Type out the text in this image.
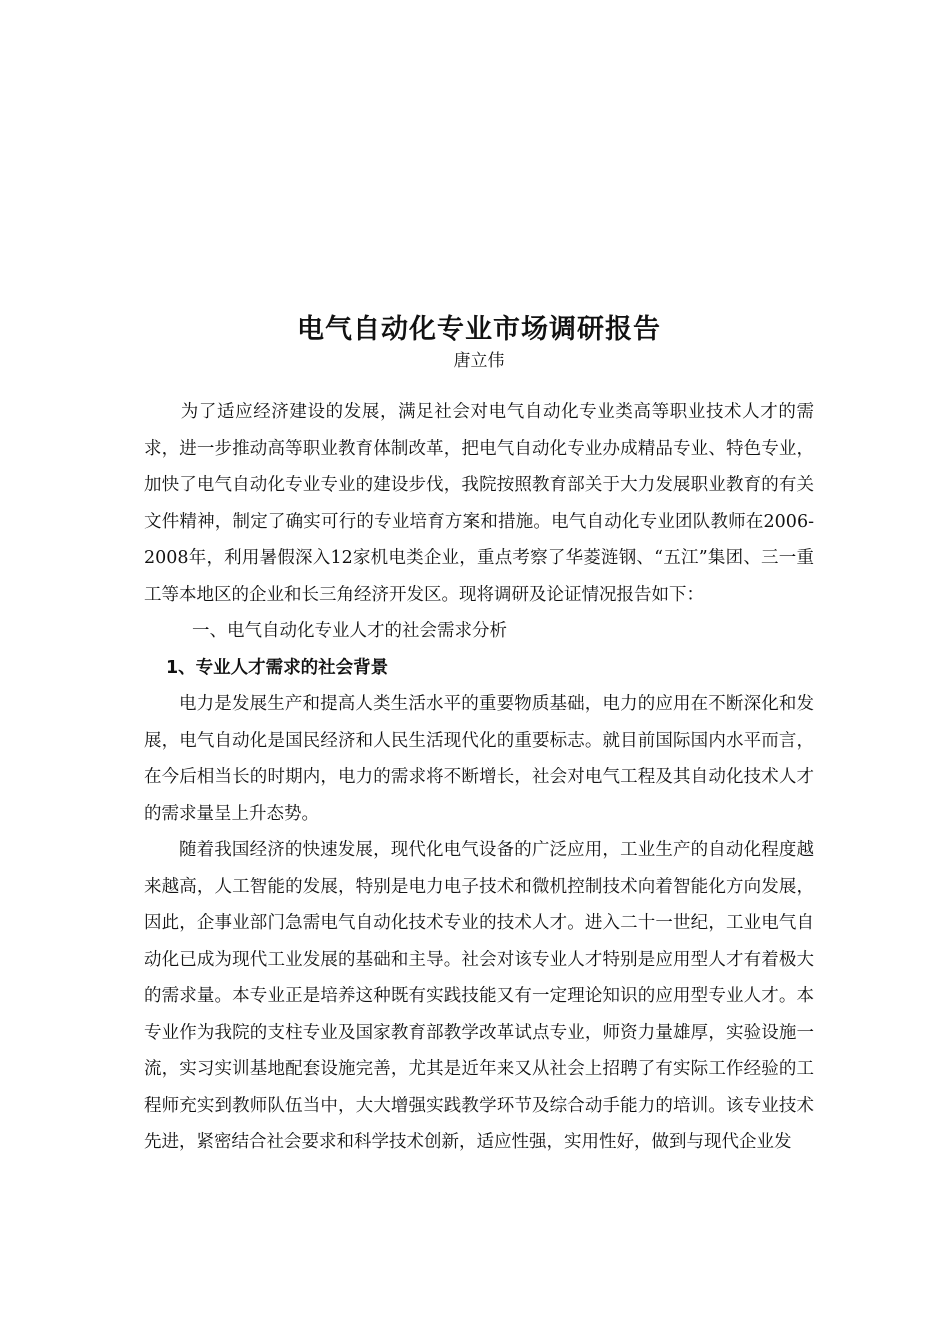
电气自动化专业市场调研报告

唐立伟

为了适应经济建设的发展，满足社会对电气自动化专业类高等职业技术人才的需求，进一步推动高等职业教育体制改革，把电气自动化专业办成精品专业、特色专业，加快了电气自动化专业专业的建设步伐，我院按照教育部关于大力发展职业教育的有关文件精神，制定了确实可行的专业培育方案和措施。电气自动化专业团队教师在2006-2008年，利用暑假深入12家机电类企业，重点考察了华菱涟钢、“五江”集团、三一重工等本地区的企业和长三角经济开发区。现将调研及论证情况报告如下：

一、电气自动化专业人才的社会需求分析

1、专业人才需求的社会背景

电力是发展生产和提高人类生活水平的重要物质基础，电力的应用在不断深化和发展，电气自动化是国民经济和人民生活现代化的重要标志。就目前国际国内水平而言，在今后相当长的时期内，电力的需求将不断增长，社会对电气工程及其自动化技术人才的需求量呈上升态势。

随着我国经济的快速发展，现代化电气设备的广泛应用，工业生产的自动化程度越来越高，人工智能的发展，特别是电力电子技术和微机控制技术向着智能化方向发展，因此，企事业部门急需电气自动化技术专业的技术人才。进入二十一世纪，工业电气自动化已成为现代工业发展的基础和主导。社会对该专业人才特别是应用型人才有着极大的需求量。本专业正是培养这种既有实践技能又有一定理论知识的应用型专业人才。本专业作为我院的支柱专业及国家教育部教学改革试点专业，师资力量雄厚，实验设施一流，实习实训基地配套设施完善，尤其是近年来又从社会上招聘了有实际工作经验的工程师充实到教师队伍当中，大大增强实践教学环节及综合动手能力的培训。该专业技术先进，紧密结合社会要求和科学技术创新，适应性强，实用性好，做到与现代企业发
